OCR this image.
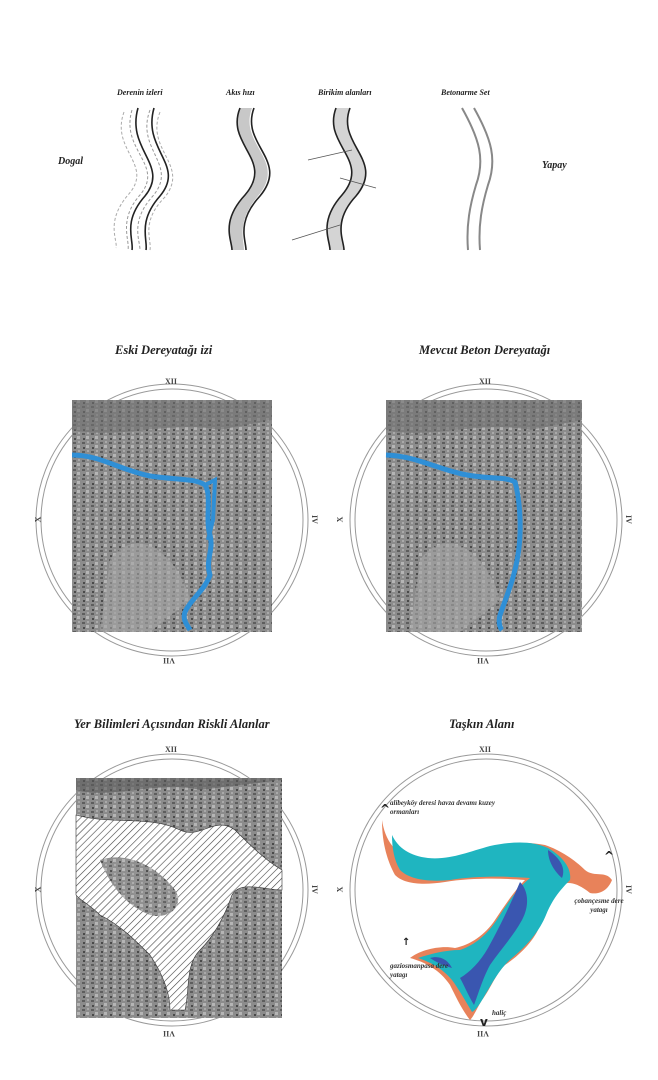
^
^
↑
v
Dogal	Yapay
Derenin izleri	Akıs hızı	Birikim alanları	Betonarme Set
Eski Dereyatağı izi
XII
IV
VII
X
Mevcut Beton Dereyatağı
XII
IV
VII
X
Yer Bilimleri Açısından Riskli Alanlar
XII
IV
VII
X
Taşkın Alanı
XII
IV
VII
X
alibeyköy deresi havza devamı kuzey ormanları
çobançesme dere yatagı
gaziosmanpasa dere yatagı
haliç
